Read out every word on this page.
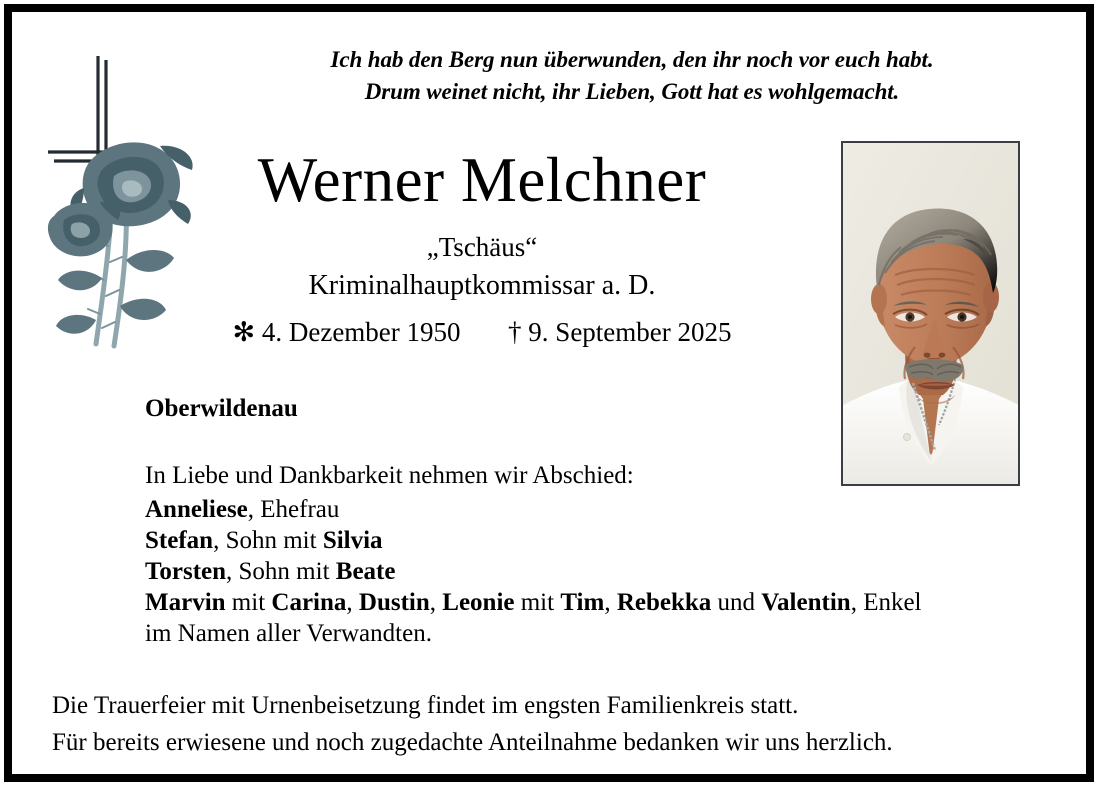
Ich hab den Berg nun überwunden, den ihr noch vor euch habt.
Drum weinet nicht, ihr Lieben, Gott hat es wohlgemacht.
Werner Melchner
„Tschäus“
Kriminalhauptkommissar a. D.
✻ 4. Dezember 1950 † 9. September 2025
Oberwildenau
In Liebe und Dankbarkeit nehmen wir Abschied:
Anneliese, Ehefrau
Stefan, Sohn mit Silvia
Torsten, Sohn mit Beate
Marvin mit Carina, Dustin, Leonie mit Tim, Rebekka und Valentin, Enkel
im Namen aller Verwandten.
Die Trauerfeier mit Urnenbeisetzung findet im engsten Familienkreis statt.
Für bereits erwiesene und noch zugedachte Anteilnahme bedanken wir uns herzlich.
